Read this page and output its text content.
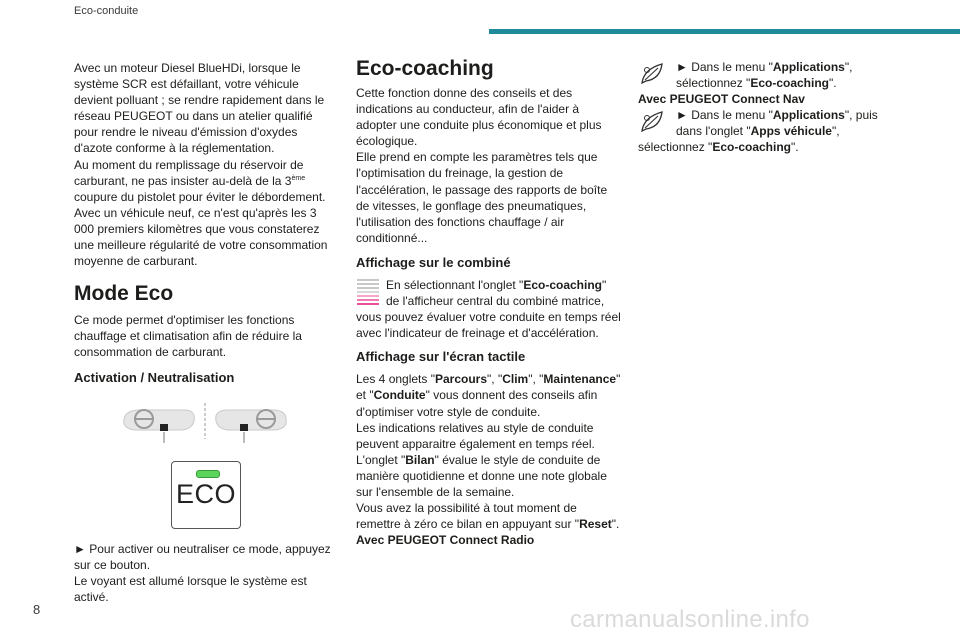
Eco-conduite

Avec un moteur Diesel BlueHDi, lorsque le système SCR est défaillant, votre véhicule devient polluant ; se rendre rapidement dans le réseau PEUGEOT ou dans un atelier qualifié pour rendre le niveau d'émission d'oxydes d'azote conforme à la réglementation.

Au moment du remplissage du réservoir de carburant, ne pas insister au-delà de la 3ème coupure du pistolet pour éviter le débordement.

Avec un véhicule neuf, ce n'est qu'après les 3 000 premiers kilomètres que vous constaterez une meilleure régularité de votre consommation moyenne de carburant.

Mode Eco

Ce mode permet d'optimiser les fonctions chauffage et climatisation afin de réduire la consommation de carburant.

Activation / Neutralisation
ECO

► Pour activer ou neutraliser ce mode, appuyez sur ce bouton.

Le voyant est allumé lorsque le système est activé.

Eco-coaching

Cette fonction donne des conseils et des indications au conducteur, afin de l'aider à adopter une conduite plus économique et plus écologique.

Elle prend en compte les paramètres tels que l'optimisation du freinage, la gestion de l'accélération, le passage des rapports de boîte de vitesses, le gonflage des pneumatiques, l'utilisation des fonctions chauffage / air conditionné...

Affichage sur le combiné

En sélectionnant l'onglet "Eco-coaching" de l'afficheur central du combiné matrice, vous pouvez évaluer votre conduite en temps réel avec l'indicateur de freinage et d'accélération.

Affichage sur l'écran tactile

Les 4 onglets "Parcours", "Clim", "Maintenance" et "Conduite" vous donnent des conseils afin d'optimiser votre style de conduite.

Les indications relatives au style de conduite peuvent apparaitre également en temps réel.

L'onglet "Bilan" évalue le style de conduite de manière quotidienne et donne une note globale sur l'ensemble de la semaine.

Vous avez la possibilité à tout moment de remettre à zéro ce bilan en appuyant sur "Reset".

Avec PEUGEOT Connect Radio

► Dans le menu "Applications", sélectionnez "Eco-coaching".

Avec PEUGEOT Connect Nav

► Dans le menu "Applications", puis dans l'onglet "Apps véhicule", sélectionnez "Eco-coaching".

8	carmanualsonline.info
